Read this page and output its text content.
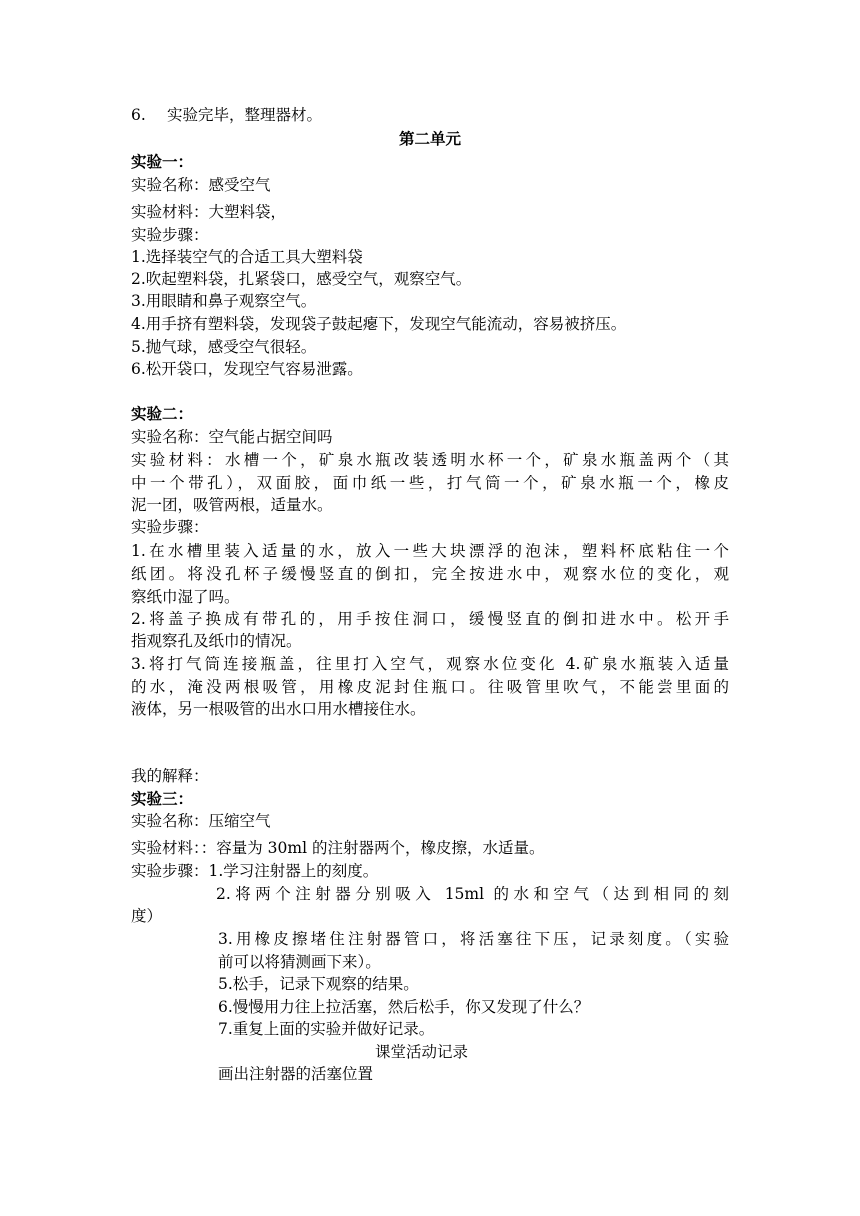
6. 实验完毕，整理器材。
第二单元
实验一：
实验名称：感受空气
实验材料：大塑料袋，
实验步骤：
1.选择装空气的合适工具大塑料袋
2.吹起塑料袋，扎紧袋口，感受空气，观察空气。
3.用眼睛和鼻子观察空气。
4.用手挤有塑料袋，发现袋子鼓起瘪下，发现空气能流动，容易被挤压。
5.抛气球，感受空气很轻。
6.松开袋口，发现空气容易泄露。
实验二：
实验名称：空气能占据空间吗
实验材料：水槽一个，矿泉水瓶改装透明水杯一个，矿泉水瓶盖两个（其
中一个带孔），双面胶，面巾纸一些，打气筒一个，矿泉水瓶一个，橡皮
泥一团，吸管两根，适量水。
实验步骤：
1.在水槽里装入适量的水，放入一些大块漂浮的泡沫，塑料杯底粘住一个
纸团。将没孔杯子缓慢竖直的倒扣，完全按进水中，观察水位的变化，观
察纸巾湿了吗。
2.将盖子换成有带孔的，用手按住洞口，缓慢竖直的倒扣进水中。松开手
指观察孔及纸巾的情况。
3.将打气筒连接瓶盖，往里打入空气，观察水位变化 4.矿泉水瓶装入适量
的水，淹没两根吸管，用橡皮泥封住瓶口。往吸管里吹气，不能尝里面的
液体，另一根吸管的出水口用水槽接住水。
我的解释：
实验三：
实验名称：压缩空气
实验材料：：容量为 30ml 的注射器两个，橡皮擦，水适量。
实验步骤：1.学习注射器上的刻度。
2.将两个注射器分别吸入 15ml 的水和空气（达到相同的刻
度）
3.用橡皮擦堵住注射器管口，将活塞往下压，记录刻度。（实验
前可以将猜测画下来）。
5.松手，记录下观察的结果。
6.慢慢用力往上拉活塞，然后松手，你又发现了什么？
7.重复上面的实验并做好记录。
课堂活动记录
画出注射器的活塞位置
